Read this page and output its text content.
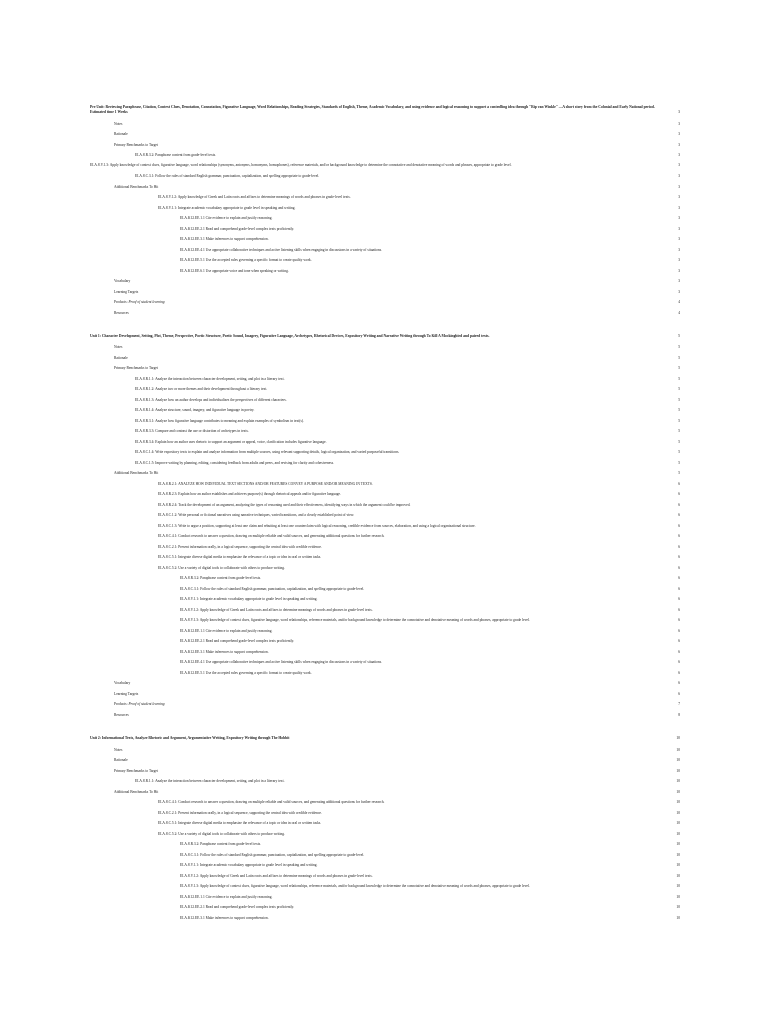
Pre Unit: Reviewing Paraphrase, Citation, Context Clues, Denotation, Connotation, Figurative Language, Word Relationships, Reading Strategies, Standards of English, Theme, Academic Vocabulary, and using evidence and logical reasoning to support a controlling idea through "Rip van Winkle" —A short story from the Colonial and Early National period. Estimated time 1 Weeks	3
Notes	3
Rationale	3
Primary Benchmarks to Target	3
ELA.8.R.3.2: Paraphrase content from grade-level texts.	3
ELA.8.V.1.3: Apply knowledge of context clues, figurative language, word relationships (synonyms, antonyms, homonyms, homophones), reference materials, and/or background knowledge to determine the connotative and denotative meaning of words and phrases, appropriate to grade level.	3
ELA.8.C.3.1: Follow the rules of standard English grammar, punctuation, capitalization, and spelling appropriate to grade-level.	3
Additional Benchmarks To Hit	3
ELA.8.V.1.2: Apply knowledge of Greek and Latin roots and affixes to determine meanings of words and phrases in grade-level texts.	3
ELA.8.V.1.1: Integrate academic vocabulary appropriate to grade level in speaking and writing.	3
ELA.K12.EE.1.1 Cite evidence to explain and justify reasoning.	3
ELA.K12.EE.2.1 Read and comprehend grade-level complex texts proficiently.	3
ELA.K12.EE.3.1 Make inferences to support comprehension.	3
ELA.K12.EE.4.1 Use appropriate collaborative techniques and active listening skills when engaging in discussions in a variety of situations.	3
ELA.K12.EE.5.1 Use the accepted rules governing a specific format to create quality work.	3
ELA.K12.EE.6.1 Use appropriate voice and tone when speaking or writing.	3
Vocabulary	3
Learning Targets	3
Products: Proof of student learning	4
Resources	4
Unit 1: Character Development, Setting, Plot, Theme, Perspective, Poetic Structure, Poetic Sound, Imagery, Figurative Language, Archetypes, Rhetorical Devices, Expository Writing and Narrative Writing through To Kill A Mockingbird and paired texts.	5
Notes	5
Rationale	5
Primary Benchmarks to Target	5
ELA.8.R.1.1: Analyze the interaction between character development, setting, and plot in a literary text.	5
ELA.8.R.1.2: Analyze two or more themes and their development throughout a literary text.	5
ELA.8.R.1.3: Analyze how an author develops and individualizes the perspectives of different characters.	5
ELA.8.R.1.4: Analyze structure, sound, imagery, and figurative language in poetry.	5
ELA.8.R.3.1: Analyze how figurative language contributes to meaning and explain examples of symbolism in text(s).	5
ELA.8.R.3.3: Compare and contrast the use or distortion of archetypes in texts.	5
ELA.8.R.3.4: Explain how an author uses rhetoric to support an argument or appeal, voice, clarification includes figurative language.	5
ELA.8.C.1.4: Write expository texts to explain and analyze information from multiple sources, using relevant supporting details, logical organization, and varied purposeful transitions.	5
ELA.8.C.1.5: Improve writing by planning, editing, considering feedback from adults and peers, and revising for clarity and cohesiveness.	5
Additional Benchmarks To Hit	5
ELA.8.R.2.1: ANALYZE HOW INDIVIDUAL TEXT SECTIONS AND/OR FEATURES CONVEY A PURPOSE AND/OR MEANING IN TEXTS.	6
ELA.8.R.2.3: Explain how an author establishes and achieves purpose(s) through rhetorical appeals and/or figurative language.	6
ELA.8.R.2.4: Track the development of an argument, analyzing the types of reasoning used and their effectiveness, identifying ways in which the argument could be improved.	6
ELA.8.C.1.2: Write personal or fictional narratives using narrative techniques, varied transitions, and a clearly established point of view.	6
ELA.8.C.1.3: Write to argue a position, supporting at least one claim and rebutting at least one counterclaim with logical reasoning, credible evidence from sources, elaboration, and using a logical organizational structure.	6
ELA.8.C.4.1: Conduct research to answer a question, drawing on multiple reliable and valid sources, and generating additional questions for further research.	6
ELA.8.C.2.1: Present information orally, in a logical sequence, supporting the central idea with credible evidence.	6
ELA.8.C.5.1: Integrate diverse digital media to emphasize the relevance of a topic or idea in oral or written tasks.	6
ELA.8.C.5.2: Use a variety of digital tools to collaborate with others to produce writing.	6
ELA.8.R.3.2: Paraphrase content from grade-level texts.	6
ELA.8.C.3.1: Follow the rules of standard English grammar, punctuation, capitalization, and spelling appropriate to grade-level.	6
ELA.8.V.1.1: Integrate academic vocabulary appropriate to grade level in speaking and writing.	6
ELA.8.V.1.2: Apply knowledge of Greek and Latin roots and affixes to determine meanings of words and phrases in grade-level texts.	6
ELA.8.V.1.3: Apply knowledge of context clues, figurative language, word relationships, reference materials, and/or background knowledge to determine the connotative and denotative meaning of words and phrases, appropriate to grade level.	6
ELA.K12.EE.1.1 Cite evidence to explain and justify reasoning.	6
ELA.K12.EE.2.1 Read and comprehend grade-level complex texts proficiently.	6
ELA.K12.EE.3.1 Make inferences to support comprehension.	6
ELA.K12.EE.4.1 Use appropriate collaborative techniques and active listening skills when engaging in discussions in a variety of situations.	6
ELA.K12.EE.5.1 Use the accepted rules governing a specific format to create quality work.	6
Vocabulary	6
Learning Targets	6
Products: Proof of student learning	7
Resources	8
Unit 2: Informational Texts, Analyze Rhetoric and Argument, Argumentative Writing, Expository Writing through The Hobbit	10
Notes	10
Rationale	10
Primary Benchmarks to Target	10
ELA.8.R.1.1: Analyze the interaction between character development, setting, and plot in a literary text.	10
Additional Benchmarks To Hit	10
ELA.8.C.4.1: Conduct research to answer a question, drawing on multiple reliable and valid sources, and generating additional questions for further research.	10
ELA.8.C.2.1: Present information orally, in a logical sequence, supporting the central idea with credible evidence.	10
ELA.8.C.5.1: Integrate diverse digital media to emphasize the relevance of a topic or idea in oral or written tasks.	10
ELA.8.C.5.2: Use a variety of digital tools to collaborate with others to produce writing.	10
ELA.8.R.3.2: Paraphrase content from grade-level texts.	10
ELA.8.C.3.1: Follow the rules of standard English grammar, punctuation, capitalization, and spelling appropriate to grade-level.	10
ELA.8.V.1.1: Integrate academic vocabulary appropriate to grade level in speaking and writing.	10
ELA.8.V.1.2: Apply knowledge of Greek and Latin roots and affixes to determine meanings of words and phrases in grade-level texts.	10
ELA.8.V.1.3: Apply knowledge of context clues, figurative language, word relationships, reference materials, and/or background knowledge to determine the connotative and denotative meaning of words and phrases, appropriate to grade level.	10
ELA.K12.EE.1.1 Cite evidence to explain and justify reasoning.	10
ELA.K12.EE.2.1 Read and comprehend grade-level complex texts proficiently.	10
ELA.K12.EE.3.1 Make inferences to support comprehension.	10
